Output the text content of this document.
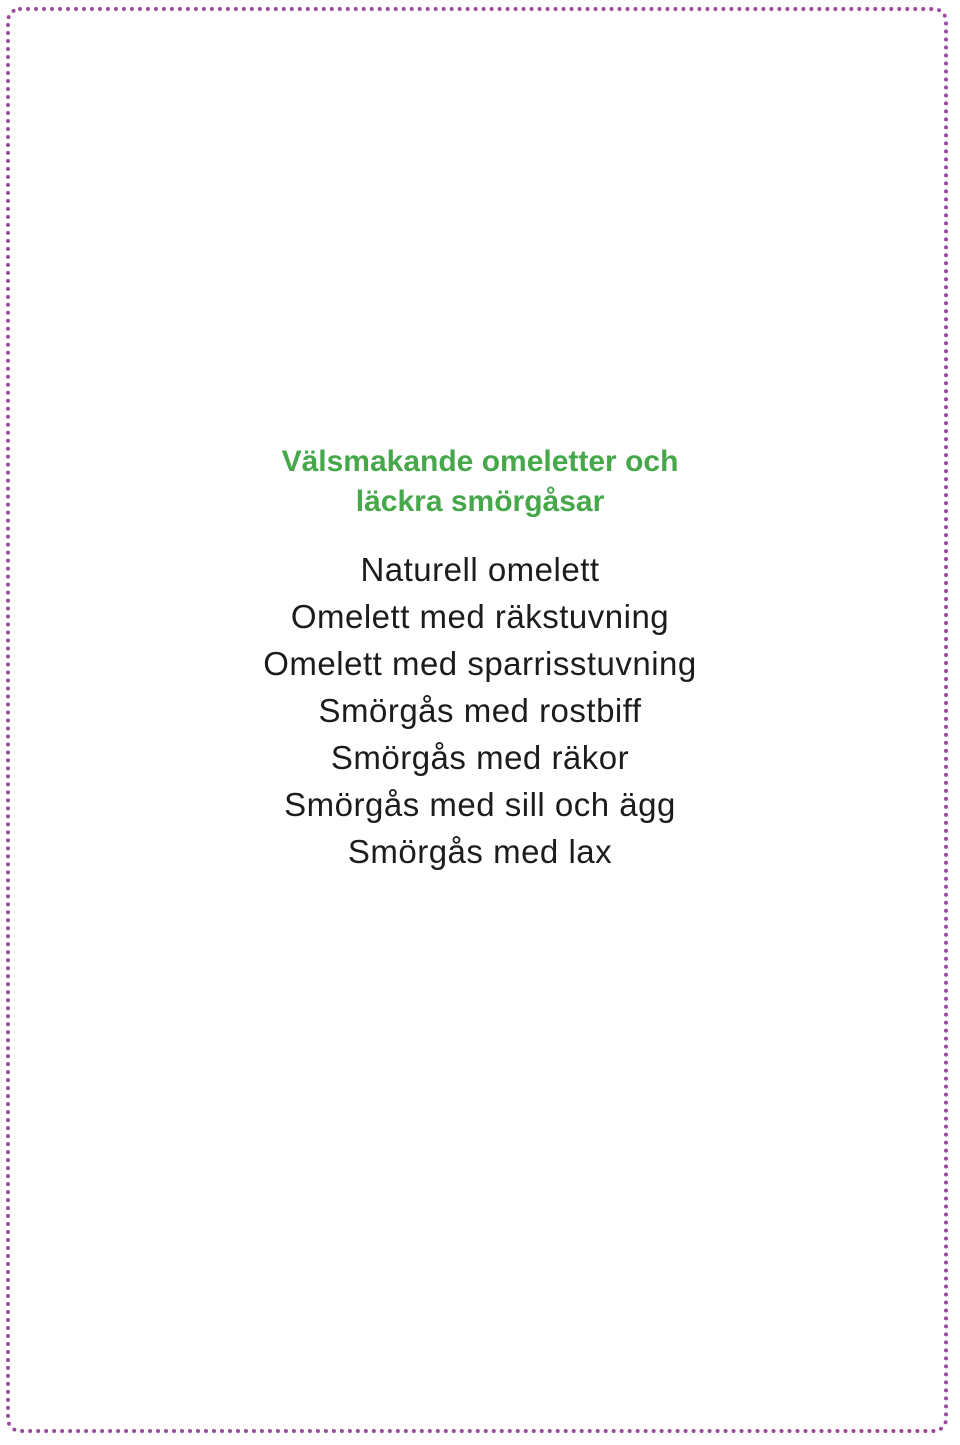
Välsmakande omeletter och
läckra smörgåsar
Naturell omelett
Omelett med räkstuvning
Omelett med sparrisstuvning
Smörgås med rostbiff
Smörgås med räkor
Smörgås med sill och ägg
Smörgås med lax
